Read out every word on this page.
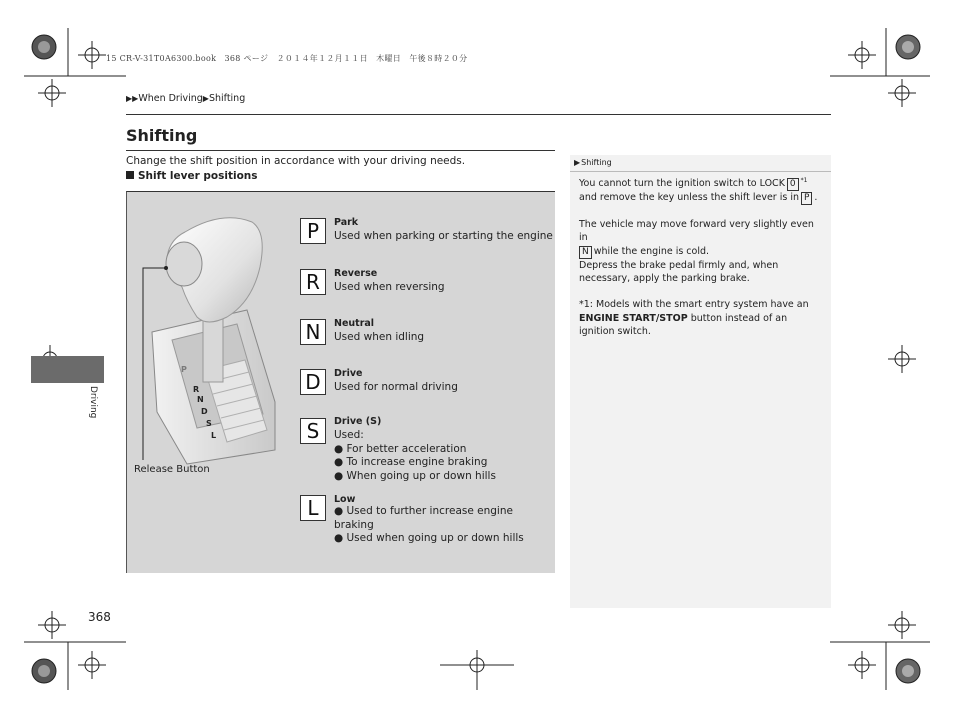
15 CR-V-31T0A6300.book　368 ページ　２０１４年１２月１１日　木曜日　午後８時２０分
▶▶When Driving▶Shifting
Shifting
Change the shift position in accordance with your driving needs.
Shift lever positions
P
R
N
D
S
L
Release Button
P	Park
Used when parking or starting the engine
R	Reverse
Used when reversing
N	Neutral
Used when idling
D	Drive
Used for normal driving
S	Drive (S)
Used:
● For better acceleration
● To increase engine braking
● When going up or down hills
L	Low
● Used to further increase engine braking
● Used when going up or down hills
▶Shifting

You cannot turn the ignition switch to LOCK 0 $^{*1}$
and remove the key unless the shift lever is in P .

The vehicle may move forward very slightly even in
N while the engine is cold.
Depress the brake pedal firmly and, when necessary, apply the parking brake.

*1: Models with the smart entry system have an
ENGINE START/STOP button instead of an ignition switch.

Driving
368
